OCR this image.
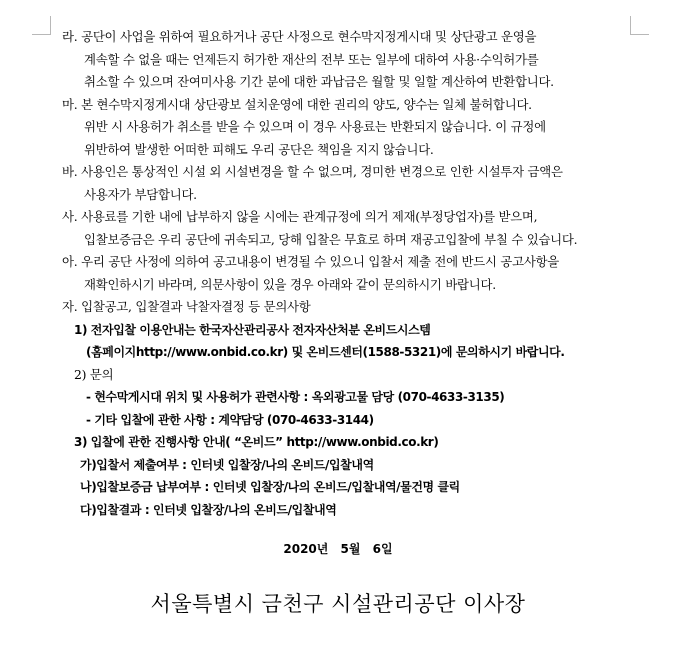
라. 공단이 사업을 위하여 필요하거나 공단 사정으로 현수막지정게시대 및 상단광고 운영을
계속할 수 없을 때는 언제든지 허가한 재산의 전부 또는 일부에 대하여 사용·수익허가를
취소할 수 있으며 잔여미사용 기간 분에 대한 과납금은 월할 및 일할 계산하여 반환합니다.
마. 본 현수막지정게시대 상단광보 설치운영에 대한 권리의 양도, 양수는 일체 불허합니다.
위반 시 사용허가 취소를 받을 수 있으며 이 경우 사용료는 반환되지 않습니다. 이 규정에
위반하여 발생한 어떠한 피해도 우리 공단은 책임을 지지 않습니다.
바. 사용인은 통상적인 시설 외 시설변경을 할 수 없으며, 경미한 변경으로 인한 시설투자 금액은
사용자가 부담합니다.
사. 사용료를 기한 내에 납부하지 않을 시에는 관계규정에 의거 제재(부정당업자)를 받으며,
입찰보증금은 우리 공단에 귀속되고, 당해 입찰은 무효로 하며 재공고입찰에 부칠 수 있습니다.
아. 우리 공단 사정에 의하여 공고내용이 변경될 수 있으니 입찰서 제출 전에 반드시 공고사항을
재확인하시기 바라며, 의문사항이 있을 경우 아래와 같이 문의하시기 바랍니다.
자. 입찰공고, 입찰결과 낙찰자결정 등 문의사항
1) 전자입찰 이용안내는 한국자산관리공사 전자자산처분 온비드시스템
(홈페이지http://www.onbid.co.kr) 및 온비드센터(1588-5321)에 문의하시기 바랍니다.
2) 문의
- 현수막게시대 위치 및 사용허가 관련사항 : 옥외광고물 담당 (070-4633-3135)
- 기타 입찰에 관한 사항 : 계약담당 (070-4633-3144)
3) 입찰에 관한 진행사항 안내( “온비드” http://www.onbid.co.kr)
가)입찰서 제출여부 : 인터넷 입찰장/나의 온비드/입찰내역
나)입찰보증금 납부여부 : 인터넷 입찰장/나의 온비드/입찰내역/물건명 클릭
다)입찰결과 : 인터넷 입찰장/나의 온비드/입찰내역
2020년 5월 6일
서울특별시 금천구 시설관리공단 이사장
